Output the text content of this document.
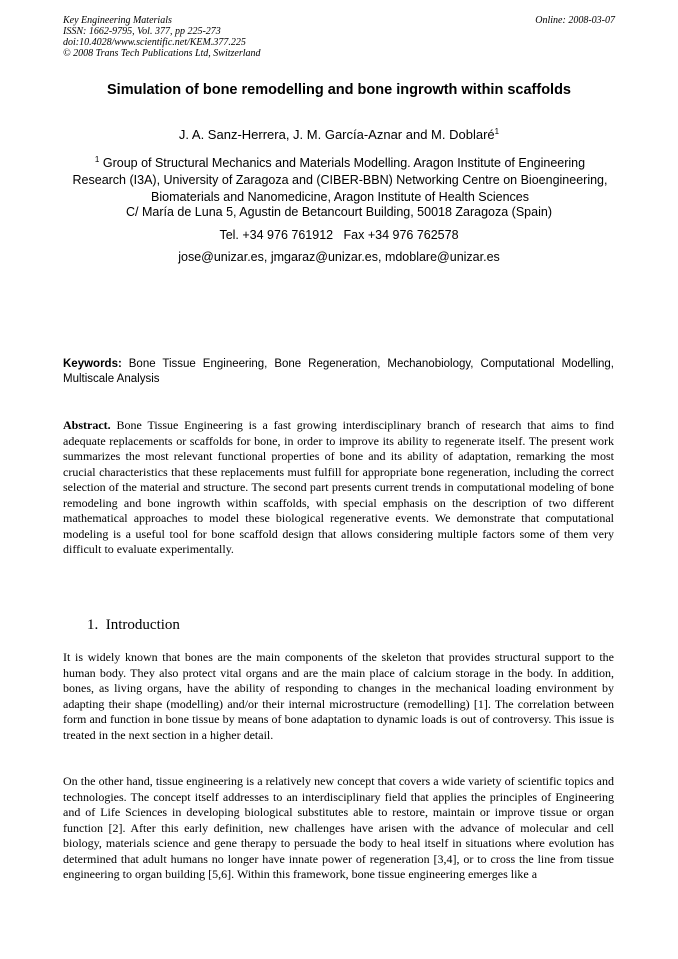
Key Engineering Materials
ISSN: 1662-9795, Vol. 377, pp 225-273
doi:10.4028/www.scientific.net/KEM.377.225
© 2008 Trans Tech Publications Ltd, Switzerland
Online: 2008-03-07
Simulation of bone remodelling and bone ingrowth within scaffolds
J. A. Sanz-Herrera, J. M. García-Aznar and M. Doblaré$^1$
$^1$ Group of Structural Mechanics and Materials Modelling. Aragon Institute of Engineering Research (I3A), University of Zaragoza and (CIBER-BBN) Networking Centre on Bioengineering, Biomaterials and Nanomedicine, Aragon Institute of Health Sciences
C/ María de Luna 5, Agustin de Betancourt Building, 50018 Zaragoza (Spain)
Tel. +34 976 761912   Fax +34 976 762578
jose@unizar.es, jmgaraz@unizar.es, mdoblare@unizar.es
Keywords: Bone Tissue Engineering, Bone Regeneration, Mechanobiology, Computational Modelling, Multiscale Analysis
Abstract. Bone Tissue Engineering is a fast growing interdisciplinary branch of research that aims to find adequate replacements or scaffolds for bone, in order to improve its ability to regenerate itself. The present work summarizes the most relevant functional properties of bone and its ability of adaptation, remarking the most crucial characteristics that these replacements must fulfill for appropriate bone regeneration, including the correct selection of the material and structure. The second part presents current trends in computational modeling of bone remodeling and bone ingrowth within scaffolds, with special emphasis on the description of two different mathematical approaches to model these biological regenerative events. We demonstrate that computational modeling is a useful tool for bone scaffold design that allows considering multiple factors some of them very difficult to evaluate experimentally.
1.  Introduction
It is widely known that bones are the main components of the skeleton that provides structural support to the human body. They also protect vital organs and are the main place of calcium storage in the body. In addition, bones, as living organs, have the ability of responding to changes in the mechanical loading environment by adapting their shape (modelling) and/or their internal microstructure (remodelling) [1]. The correlation between form and function in bone tissue by means of bone adaptation to dynamic loads is out of controversy. This issue is treated in the next section in a higher detail.
On the other hand, tissue engineering is a relatively new concept that covers a wide variety of scientific topics and technologies. The concept itself addresses to an interdisciplinary field that applies the principles of Engineering and of Life Sciences in developing biological substitutes able to restore, maintain or improve tissue or organ function [2]. After this early definition, new challenges have arisen with the advance of molecular and cell biology, materials science and gene therapy to persuade the body to heal itself in situations where evolution has determined that adult humans no longer have innate power of regeneration [3,4], or to cross the line from tissue engineering to organ building [5,6]. Within this framework, bone tissue engineering emerges like a
